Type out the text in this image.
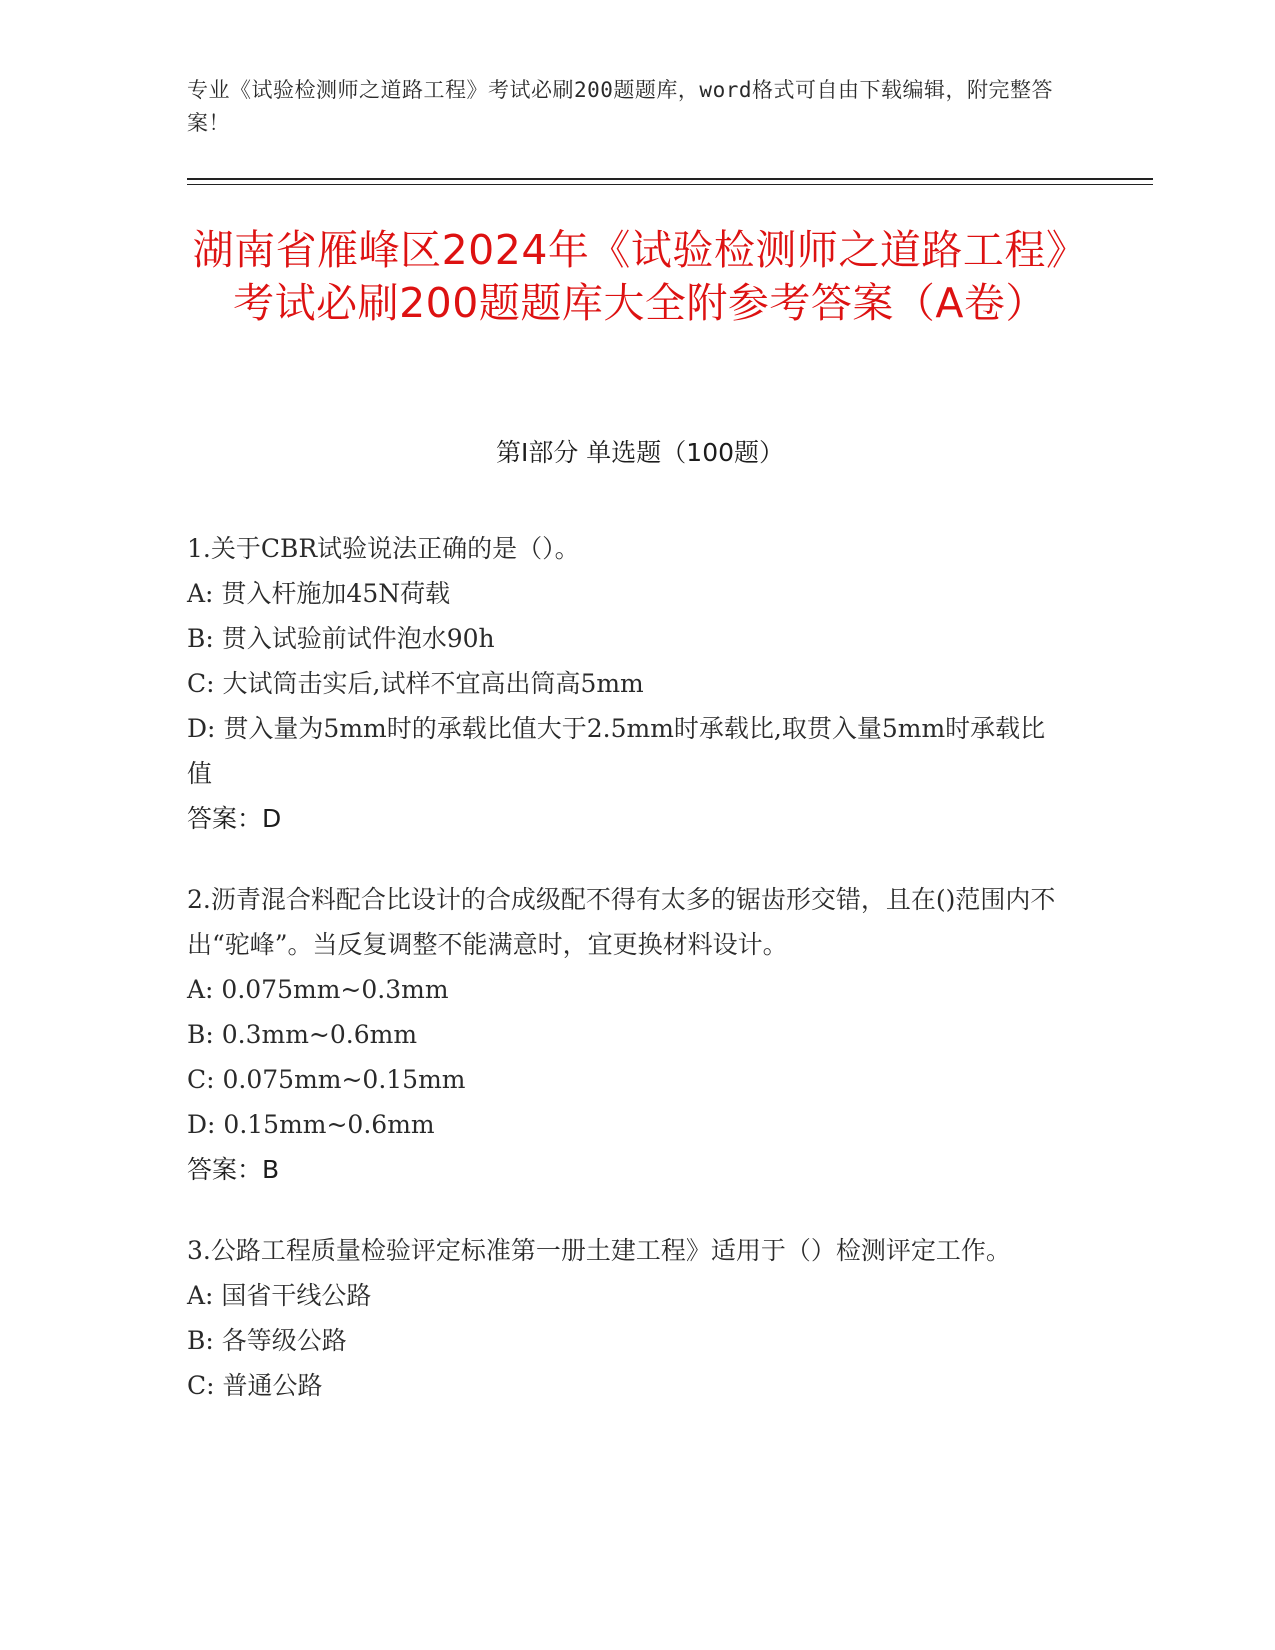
专业《试验检测师之道路工程》考试必刷200题题库，word格式可自由下载编辑，附完整答案！
湖南省雁峰区2024年《试验检测师之道路工程》考试必刷200题题库大全附参考答案（A卷）
第I部分 单选题（100题）

1.关于CBR试验说法正确的是（）。

A: 贯入杆施加45N荷载

B: 贯入试验前试件泡水90h

C: 大试筒击实后,试样不宜高出筒高5mm

D: 贯入量为5mm时的承载比值大于2.5mm时承载比,取贯入量5mm时承载比值

答案：D

2.沥青混合料配合比设计的合成级配不得有太多的锯齿形交错，且在()范围内不出“驼峰”。当反复调整不能满意时，宜更换材料设计。

A: 0.075mm~0.3mm

B: 0.3mm~0.6mm

C: 0.075mm~0.15mm

D: 0.15mm~0.6mm

答案：B

3.公路工程质量检验评定标准第一册土建工程》适用于（）检测评定工作。

A: 国省干线公路

B: 各等级公路

C: 普通公路
